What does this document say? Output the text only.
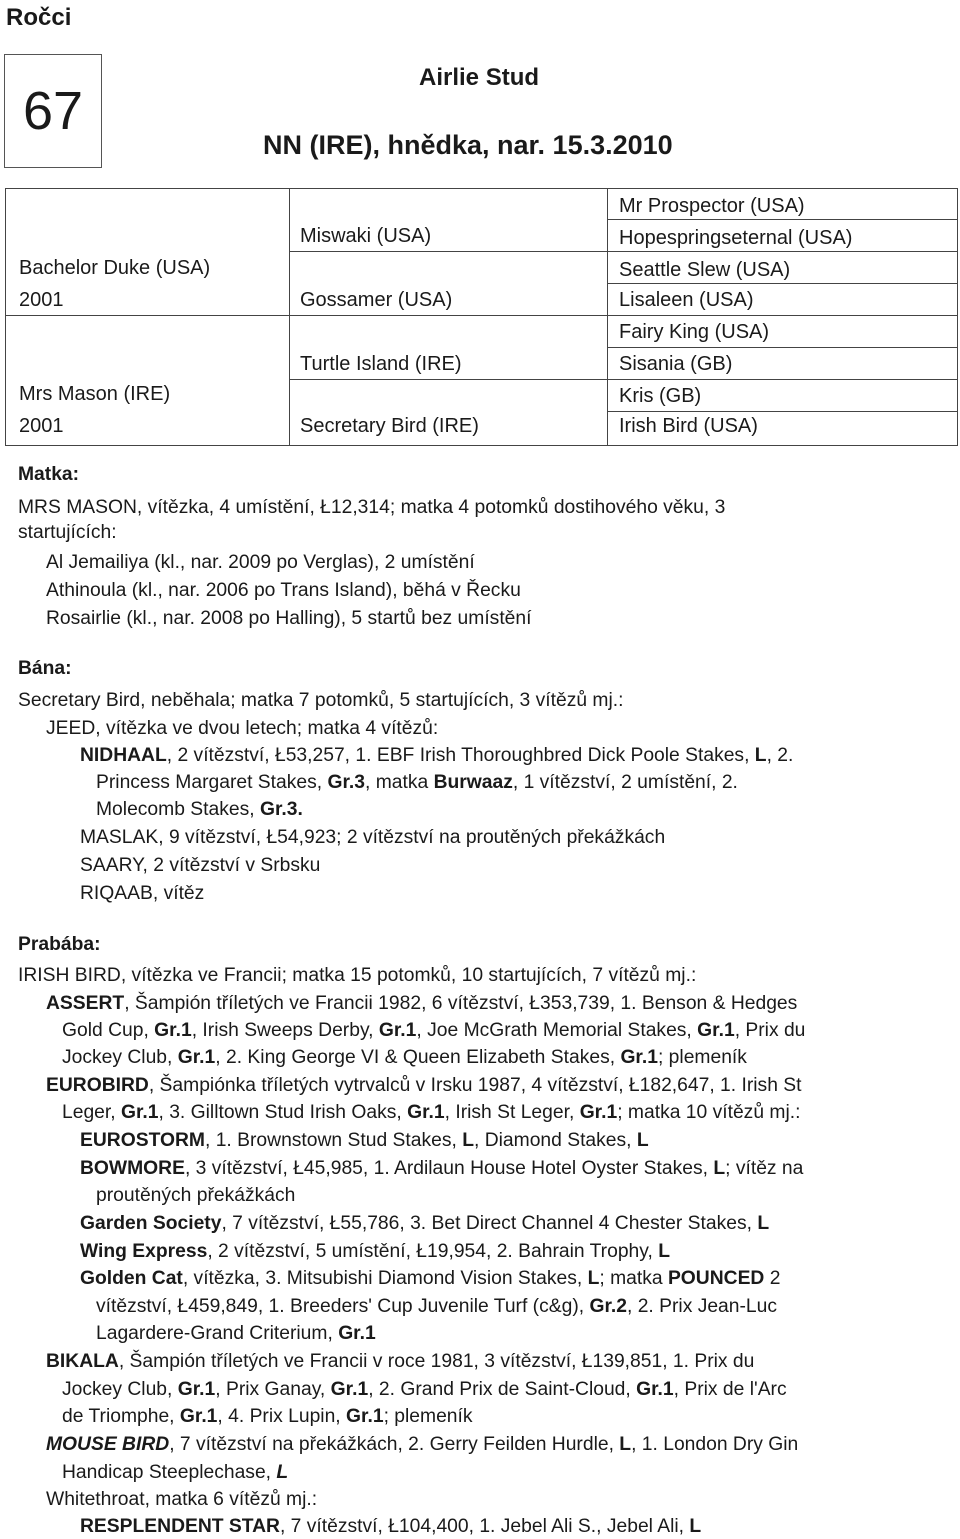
Ročci
67
Airlie Stud
NN (IRE), hnědka, nar. 15.3.2010
Bachelor Duke (USA)
2001
Mrs Mason (IRE)
2001
Miswaki (USA)
Gossamer (USA)
Turtle Island (IRE)
Secretary Bird (IRE)
Mr Prospector (USA)
Hopespringseternal (USA)
Seattle Slew (USA)
Lisaleen (USA)
Fairy King (USA)
Sisania (GB)
Kris (GB)
Irish Bird (USA)
Matka:
MRS MASON, vítězka, 4 umístění, Ł12,314; matka 4 potomků dostihového věku, 3
startujících:
Al Jemailiya (kl., nar. 2009 po Verglas), 2 umístění
Athinoula (kl., nar. 2006 po Trans Island), běhá v Řecku
Rosairlie (kl., nar. 2008 po Halling), 5 startů bez umístění
Bána:
Secretary Bird, neběhala; matka 7 potomků, 5 startujících, 3 vítězů mj.:
JEED, vítězka ve dvou letech; matka 4 vítězů:
NIDHAAL, 2 vítězství, Ł53,257, 1. EBF Irish Thoroughbred Dick Poole Stakes, L, 2.
Princess Margaret Stakes, Gr.3, matka Burwaaz, 1 vítězství, 2 umístění, 2.
Molecomb Stakes, Gr.3.
MASLAK, 9 vítězství, Ł54,923; 2 vítězství na proutěných překážkách
SAARY, 2 vítězství v Srbsku
RIQAAB, vítěz
Prabába:
IRISH BIRD, vítězka ve Francii; matka 15 potomků, 10 startujících, 7 vítězů mj.:
ASSERT, Šampión tříletých ve Francii 1982, 6 vítězství, Ł353,739, 1. Benson & Hedges
Gold Cup, Gr.1, Irish Sweeps Derby, Gr.1, Joe McGrath Memorial Stakes, Gr.1, Prix du
Jockey Club, Gr.1, 2. King George VI & Queen Elizabeth Stakes, Gr.1; plemeník
EUROBIRD, Šampiónka tříletých vytrvalců v Irsku 1987, 4 vítězství, Ł182,647, 1. Irish St
Leger, Gr.1, 3. Gilltown Stud Irish Oaks, Gr.1, Irish St Leger, Gr.1; matka 10 vítězů mj.:
EUROSTORM, 1. Brownstown Stud Stakes, L, Diamond Stakes, L
BOWMORE, 3 vítězství, Ł45,985, 1. Ardilaun House Hotel Oyster Stakes, L; vítěz na
proutěných překážkách
Garden Society, 7 vítězství, Ł55,786, 3. Bet Direct Channel 4 Chester Stakes, L
Wing Express, 2 vítězství, 5 umístění, Ł19,954, 2. Bahrain Trophy, L
Golden Cat, vítězka, 3. Mitsubishi Diamond Vision Stakes, L; matka POUNCED 2
vítězství, Ł459,849, 1. Breeders' Cup Juvenile Turf (c&g), Gr.2, 2. Prix Jean-Luc
Lagardere-Grand Criterium, Gr.1
BIKALA, Šampión tříletých ve Francii v roce 1981, 3 vítězství, Ł139,851, 1. Prix du
Jockey Club, Gr.1, Prix Ganay, Gr.1, 2. Grand Prix de Saint-Cloud, Gr.1, Prix de l'Arc
de Triomphe, Gr.1, 4. Prix Lupin, Gr.1; plemeník
MOUSE BIRD, 7 vítězství na překážkách, 2. Gerry Feilden Hurdle, L, 1. London Dry Gin
Handicap Steeplechase, L
Whitethroat, matka 6 vítězů mj.:
RESPLENDENT STAR, 7 vítězství, Ł104,400, 1. Jebel Ali S., Jebel Ali, L
